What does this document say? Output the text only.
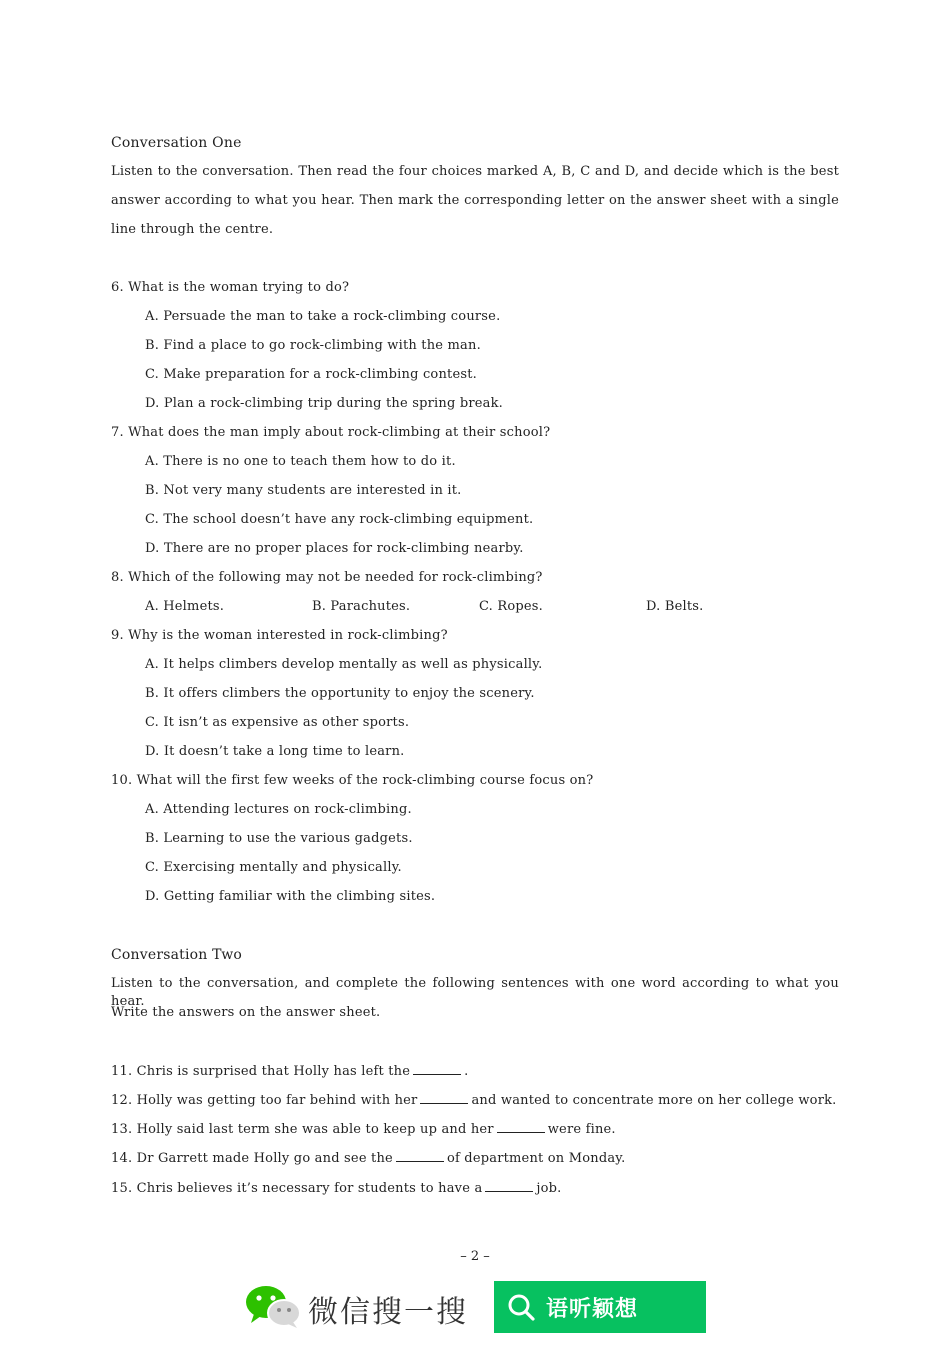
Conversation One
Listen to the conversation. Then read the four choices marked A, B, C and D, and decide which is the best
answer according to what you hear. Then mark the corresponding letter on the answer sheet with a single
line through the centre.
6. What is the woman trying to do?
A. Persuade the man to take a rock-climbing course.
B. Find a place to go rock-climbing with the man.
C. Make preparation for a rock-climbing contest.
D. Plan a rock-climbing trip during the spring break.
7. What does the man imply about rock-climbing at their school?
A. There is no one to teach them how to do it.
B. Not very many students are interested in it.
C. The school doesn’t have any rock-climbing equipment.
D. There are no proper places for rock-climbing nearby.
8. Which of the following may not be needed for rock-climbing?
A. Helmets.	B. Parachutes.	C. Ropes.	D. Belts.
9. Why is the woman interested in rock-climbing?
A. It helps climbers develop mentally as well as physically.
B. It offers climbers the opportunity to enjoy the scenery.
C. It isn’t as expensive as other sports.
D. It doesn’t take a long time to learn.
10. What will the first few weeks of the rock-climbing course focus on?
A. Attending lectures on rock-climbing.
B. Learning to use the various gadgets.
C. Exercising mentally and physically.
D. Getting familiar with the climbing sites.
Conversation Two
Listen to the conversation, and complete the following sentences with one word according to what you hear.
Write the answers on the answer sheet.
11. Chris is surprised that Holly has left the	.
12. Holly was getting too far behind with her	and wanted to concentrate more on her college work.
13. Holly said last term she was able to keep up and her	were fine.
14. Dr Garrett made Holly go and see the	of department on Monday.
15. Chris believes it’s necessary for students to have a	job.
– 2 –
微信搜一搜	语听颖想
